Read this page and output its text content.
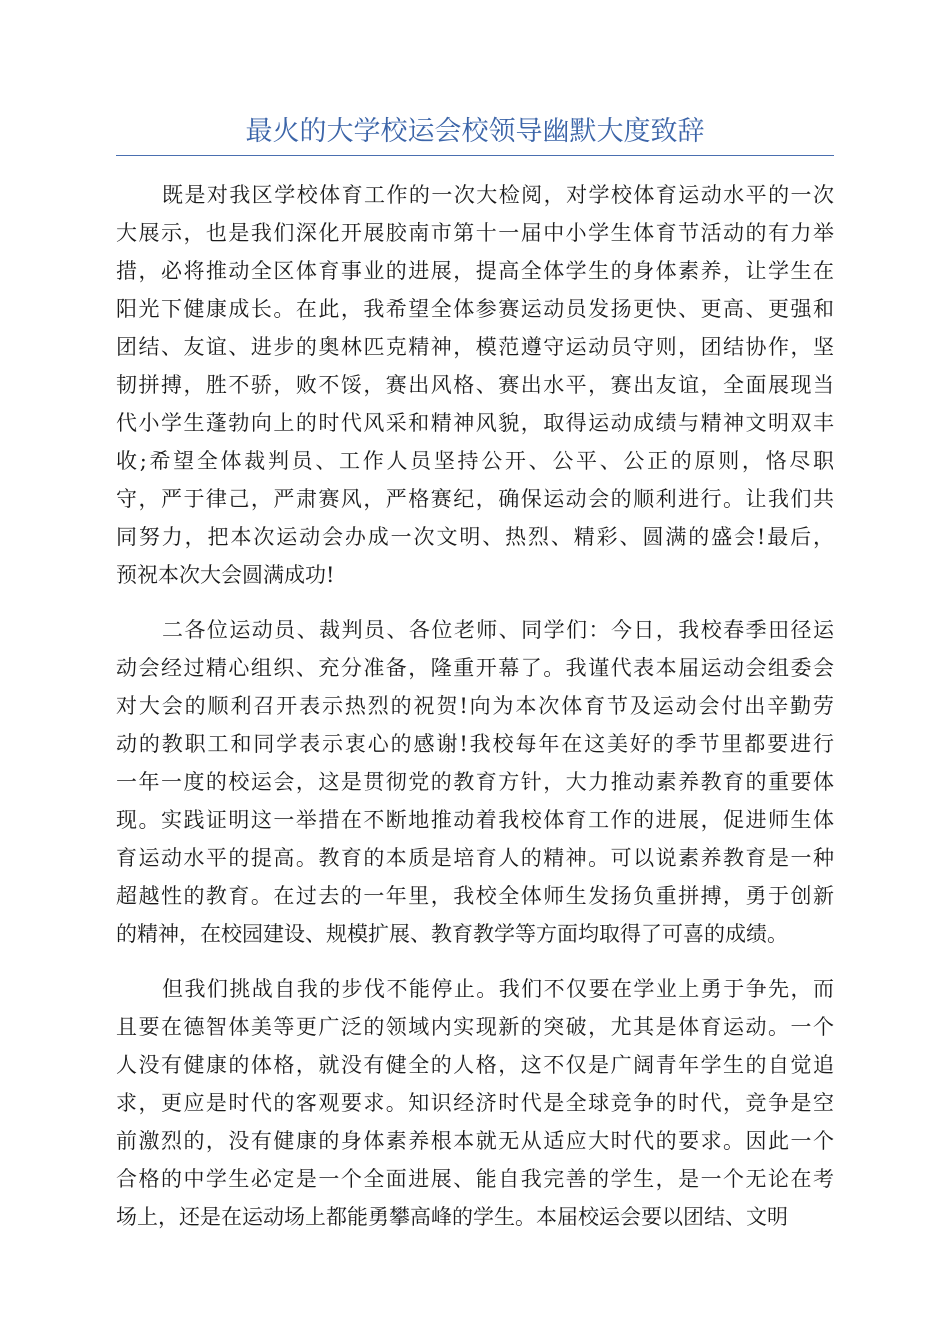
最火的大学校运会校领导幽默大度致辞
既是对我区学校体育工作的一次大检阅，对学校体育运动水平的一次
大展示，也是我们深化开展胶南市第十一届中小学生体育节活动的有力举
措，必将推动全区体育事业的进展，提高全体学生的身体素养，让学生在
阳光下健康成长。在此，我希望全体参赛运动员发扬更快、更高、更强和
团结、友谊、进步的奥林匹克精神，模范遵守运动员守则，团结协作，坚
韧拼搏，胜不骄，败不馁，赛出风格、赛出水平，赛出友谊，全面展现当
代小学生蓬勃向上的时代风采和精神风貌，取得运动成绩与精神文明双丰
收;希望全体裁判员、工作人员坚持公开、公平、公正的原则，恪尽职
守，严于律己，严肃赛风，严格赛纪，确保运动会的顺利进行。让我们共
同努力，把本次运动会办成一次文明、热烈、精彩、圆满的盛会!最后，
预祝本次大会圆满成功!
二各位运动员、裁判员、各位老师、同学们：今日，我校春季田径运
动会经过精心组织、充分准备，隆重开幕了。我谨代表本届运动会组委会
对大会的顺利召开表示热烈的祝贺!向为本次体育节及运动会付出辛勤劳
动的教职工和同学表示衷心的感谢!我校每年在这美好的季节里都要进行
一年一度的校运会，这是贯彻党的教育方针，大力推动素养教育的重要体
现。实践证明这一举措在不断地推动着我校体育工作的进展，促进师生体
育运动水平的提高。教育的本质是培育人的精神。可以说素养教育是一种
超越性的教育。在过去的一年里，我校全体师生发扬负重拼搏，勇于创新
的精神，在校园建设、规模扩展、教育教学等方面均取得了可喜的成绩。
但我们挑战自我的步伐不能停止。我们不仅要在学业上勇于争先，而
且要在德智体美等更广泛的领域内实现新的突破，尤其是体育运动。一个
人没有健康的体格，就没有健全的人格，这不仅是广阔青年学生的自觉追
求，更应是时代的客观要求。知识经济时代是全球竞争的时代，竞争是空
前激烈的，没有健康的身体素养根本就无从适应大时代的要求。因此一个
合格的中学生必定是一个全面进展、能自我完善的学生，是一个无论在考
场上，还是在运动场上都能勇攀高峰的学生。本届校运会要以团结、文明
